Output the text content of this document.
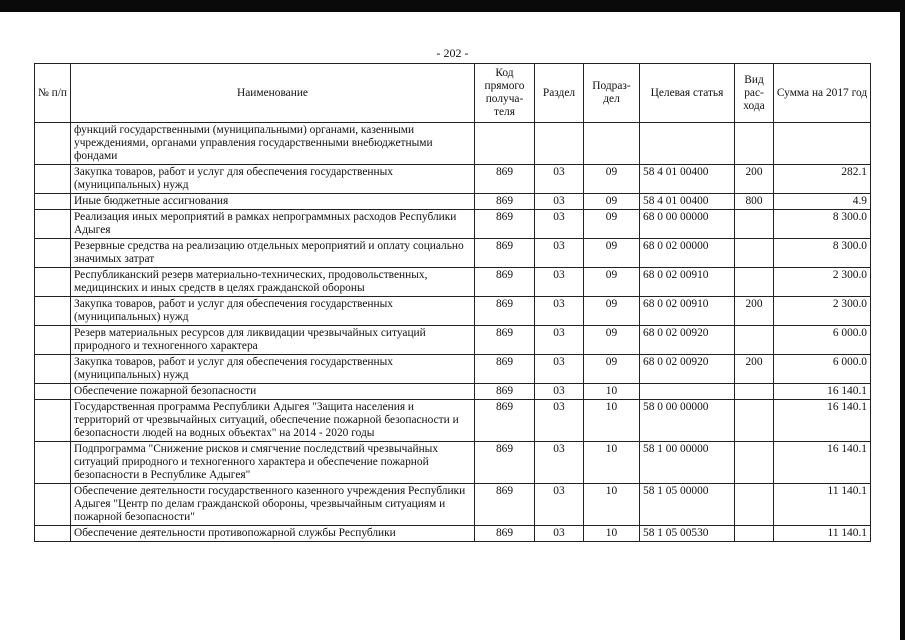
- 202 -
№ п/п	Наименование	Код прямого получа-теля	Раздел	Подраз-дел	Целевая статья	Вид рас-хода	Сумма на 2017 год
	функций государственными (муниципальными) органами, казенными учреждениями, органами управления государственными внебюджетными фондами						
	Закупка товаров, работ и услуг для обеспечения государственных (муниципальных) нужд	869	03	09	58 4 01 00400	200	282.1
	Иные бюджетные ассигнования	869	03	09	58 4 01 00400	800	4.9
	Реализация иных мероприятий в рамках непрограммных расходов Республики Адыгея	869	03	09	68 0 00 00000		8 300.0
	Резервные средства на реализацию отдельных мероприятий и оплату социально значимых затрат	869	03	09	68 0 02 00000		8 300.0
	Республиканский резерв материально-технических, продовольственных, медицинских и иных средств в целях гражданской обороны	869	03	09	68 0 02 00910		2 300.0
	Закупка товаров, работ и услуг для обеспечения государственных (муниципальных) нужд	869	03	09	68 0 02 00910	200	2 300.0
	Резерв материальных ресурсов для ликвидации чрезвычайных ситуаций природного и техногенного характера	869	03	09	68 0 02 00920		6 000.0
	Закупка товаров, работ и услуг для обеспечения государственных (муниципальных) нужд	869	03	09	68 0 02 00920	200	6 000.0
	Обеспечение пожарной безопасности	869	03	10			16 140.1
	Государственная программа Республики Адыгея "Защита населения и территорий от чрезвычайных ситуаций, обеспечение пожарной безопасности и безопасности людей на водных объектах" на 2014 - 2020 годы	869	03	10	58 0 00 00000		16 140.1
	Подпрограмма "Снижение рисков и смягчение последствий чрезвычайных ситуаций природного и техногенного характера и обеспечение пожарной безопасности в Республике Адыгея"	869	03	10	58 1 00 00000		16 140.1
	Обеспечение деятельности государственного казенного учреждения Республики Адыгея "Центр по делам гражданской обороны, чрезвычайным ситуациям и пожарной безопасности"	869	03	10	58 1 05 00000		11 140.1
	Обеспечение деятельности противопожарной службы Республики	869	03	10	58 1 05 00530		11 140.1
